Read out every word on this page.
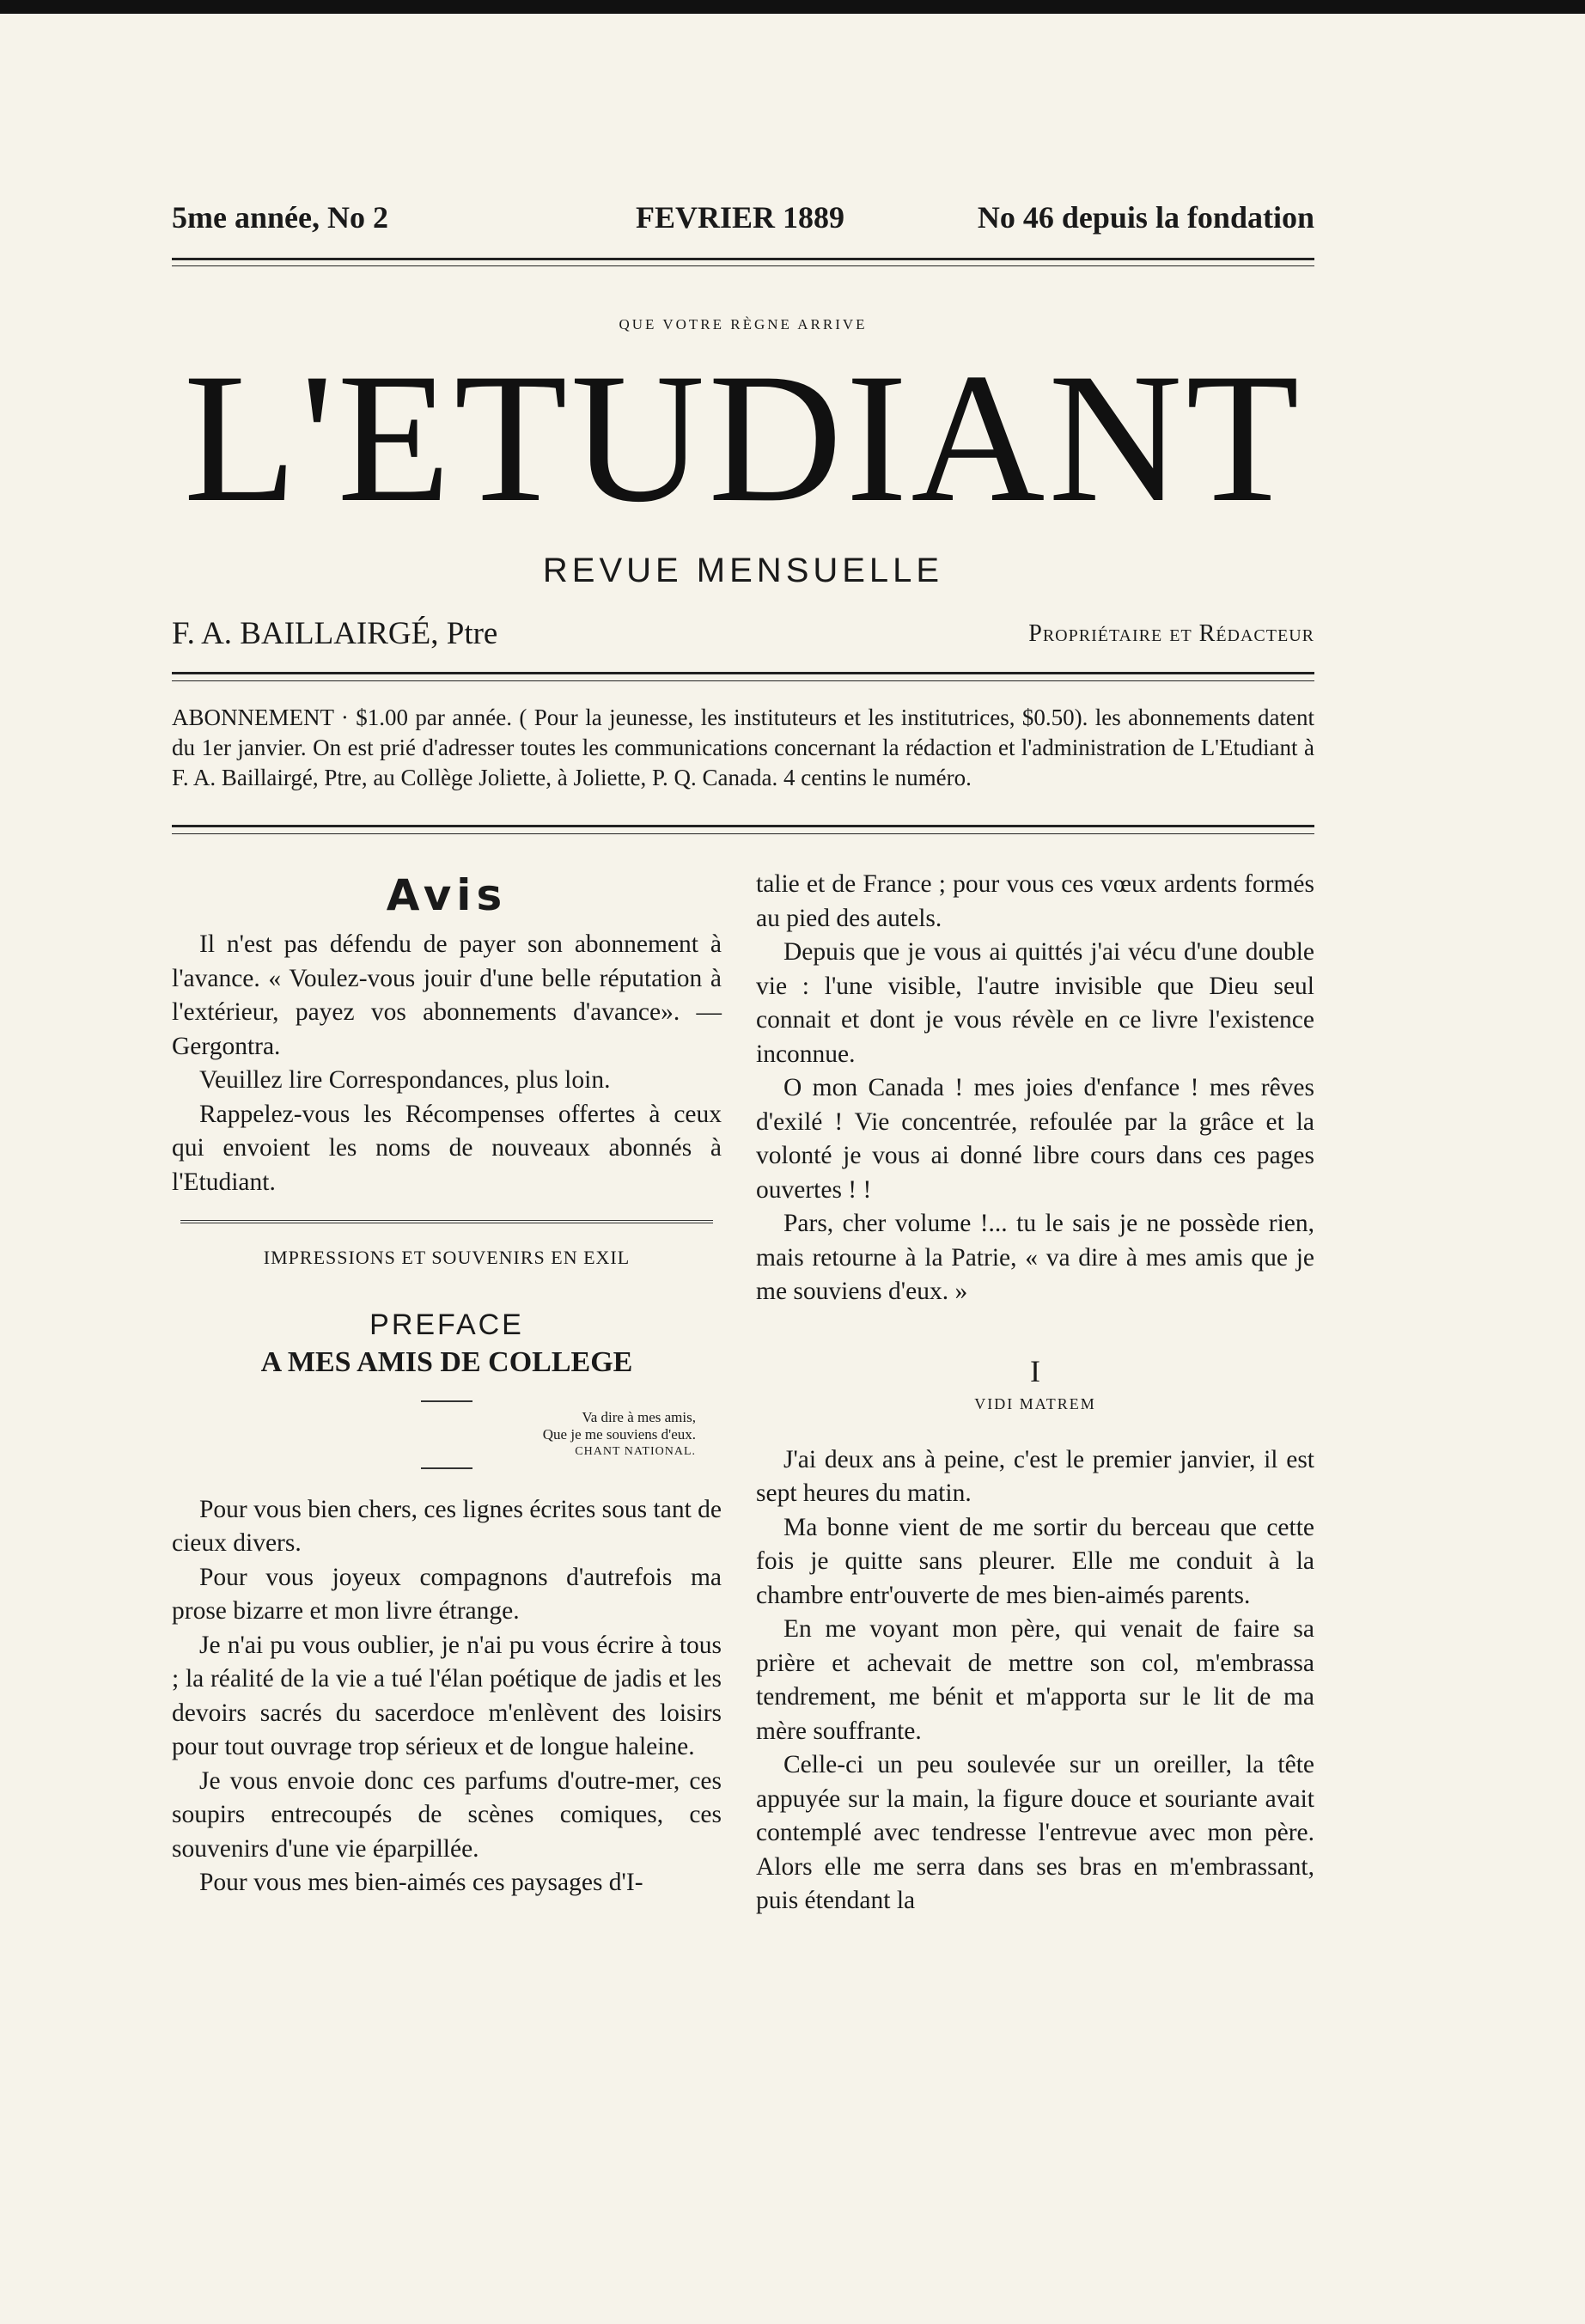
5me année, No 2	FEVRIER 1889	No 46 depuis la fondation
QUE VOTRE RÈGNE ARRIVE
L'ETUDIANT
REVUE MENSUELLE
F. A. BAILLAIRGÉ, Ptre	Propriétaire et Rédacteur

ABONNEMENT · $1.00 par année. ( Pour la jeunesse, les instituteurs et les institutrices, $0.50). les abonnements datent du 1er janvier. On est prié d'adresser toutes les communications concernant la rédaction et l'administration de L'Etudiant à F. A. Baillairgé, Ptre, au Collège Joliette, à Joliette, P. Q. Canada. 4 centins le numéro.

Avis

Il n'est pas défendu de payer son abonnement à l'avance. « Voulez-vous jouir d'une belle réputation à l'extérieur, payez vos abonnements d'avance». — Gergontra.

Veuillez lire Correspondances, plus loin.

Rappelez-vous les Récompenses offertes à ceux qui envoient les noms de nouveaux abonnés à l'Etudiant.

IMPRESSIONS ET SOUVENIRS EN EXIL
PREFACE
A MES AMIS DE COLLEGE
Va dire à mes amis,
Que je me souviens d'eux.
CHANT NATIONAL.

Pour vous bien chers, ces lignes écrites sous tant de cieux divers.

Pour vous joyeux compagnons d'autrefois ma prose bizarre et mon livre étrange.

Je n'ai pu vous oublier, je n'ai pu vous écrire à tous ; la réalité de la vie a tué l'élan poétique de jadis et les devoirs sacrés du sacerdoce m'enlèvent des loisirs pour tout ouvrage trop sérieux et de longue haleine.

Je vous envoie donc ces parfums d'outre-mer, ces soupirs entrecoupés de scènes comiques, ces souvenirs d'une vie éparpillée.

Pour vous mes bien-aimés ces paysages d'I-

talie et de France ; pour vous ces vœux ardents formés au pied des autels.

Depuis que je vous ai quittés j'ai vécu d'une double vie : l'une visible, l'autre invisible que Dieu seul connait et dont je vous révèle en ce livre l'existence inconnue.

O mon Canada ! mes joies d'enfance ! mes rêves d'exilé ! Vie concentrée, refoulée par la grâce et la volonté je vous ai donné libre cours dans ces pages ouvertes ! !

Pars, cher volume !... tu le sais je ne possède rien, mais retourne à la Patrie, « va dire à mes amis que je me souviens d'eux. »

I
VIDI MATREM

J'ai deux ans à peine, c'est le premier janvier, il est sept heures du matin.

Ma bonne vient de me sortir du berceau que cette fois je quitte sans pleurer. Elle me conduit à la chambre entr'ouverte de mes bien-aimés parents.

En me voyant mon père, qui venait de faire sa prière et achevait de mettre son col, m'embrassa tendrement, me bénit et m'apporta sur le lit de ma mère souffrante.

Celle-ci un peu soulevée sur un oreiller, la tête appuyée sur la main, la figure douce et souriante avait contemplé avec tendresse l'entrevue avec mon père. Alors elle me serra dans ses bras en m'embrassant, puis étendant la
